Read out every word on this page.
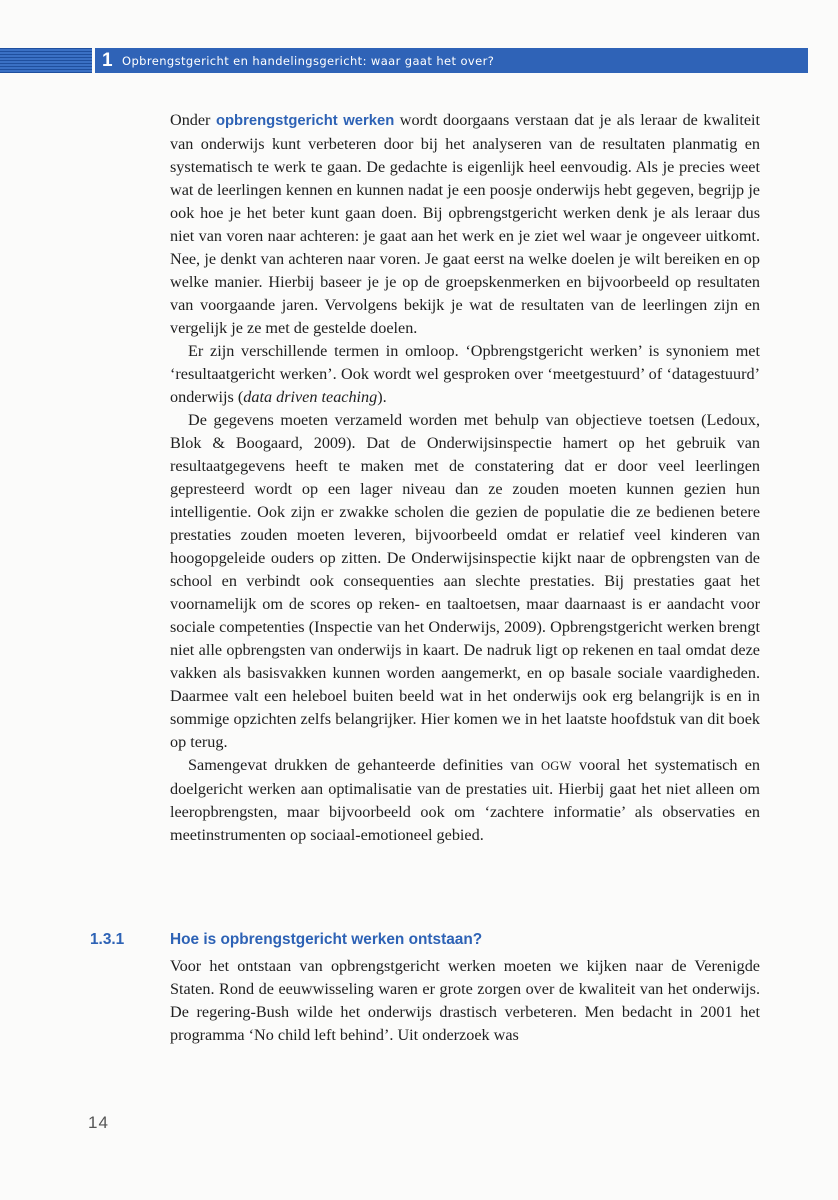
1 Opbrengstgericht en handelingsgericht: waar gaat het over?

Onder opbrengstgericht werken wordt doorgaans verstaan dat je als leraar de kwaliteit van onderwijs kunt verbeteren door bij het analyseren van de resultaten planmatig en systematisch te werk te gaan. De gedachte is eigenlijk heel eenvoudig. Als je precies weet wat de leerlingen kennen en kunnen nadat je een poosje onderwijs hebt gegeven, begrijp je ook hoe je het beter kunt gaan doen. Bij opbrengstgericht werken denk je als leraar dus niet van voren naar achteren: je gaat aan het werk en je ziet wel waar je ongeveer uitkomt. Nee, je denkt van achteren naar voren. Je gaat eerst na welke doelen je wilt bereiken en op welke manier. Hierbij baseer je je op de groepskenmerken en bijvoorbeeld op resultaten van voorgaande jaren. Vervolgens bekijk je wat de resultaten van de leerlingen zijn en vergelijk je ze met de gestelde doelen.

Er zijn verschillende termen in omloop. ‘Opbrengstgericht werken’ is synoniem met ‘resultaatgericht werken’. Ook wordt wel gesproken over ‘meetgestuurd’ of ‘datagestuurd’ onderwijs (data driven teaching).

De gegevens moeten verzameld worden met behulp van objectieve toetsen (Ledoux, Blok & Boogaard, 2009). Dat de Onderwijsinspectie hamert op het gebruik van resultaatgegevens heeft te maken met de constatering dat er door veel leerlingen gepresteerd wordt op een lager niveau dan ze zouden moeten kunnen gezien hun intelligentie. Ook zijn er zwakke scholen die gezien de populatie die ze bedienen betere prestaties zouden moeten leveren, bijvoorbeeld omdat er relatief veel kinderen van hoogopgeleide ouders op zitten. De Onderwijsinspectie kijkt naar de opbrengsten van de school en verbindt ook consequenties aan slechte prestaties. Bij prestaties gaat het voornamelijk om de scores op reken- en taaltoetsen, maar daarnaast is er aandacht voor sociale competenties (Inspectie van het Onderwijs, 2009). Opbrengstgericht werken brengt niet alle opbrengsten van onderwijs in kaart. De nadruk ligt op rekenen en taal omdat deze vakken als basisvakken kunnen worden aangemerkt, en op basale sociale vaardigheden. Daarmee valt een heleboel buiten beeld wat in het onderwijs ook erg belangrijk is en in sommige opzichten zelfs belangrijker. Hier komen we in het laatste hoofdstuk van dit boek op terug.

Samengevat drukken de gehanteerde definities van OGW vooral het systematisch en doelgericht werken aan optimalisatie van de prestaties uit. Hierbij gaat het niet alleen om leeropbrengsten, maar bijvoorbeeld ook om ‘zachtere informatie’ als observaties en meetinstrumenten op sociaal-emotioneel gebied.

1.3.1	Hoe is opbrengstgericht werken ontstaan?

Voor het ontstaan van opbrengstgericht werken moeten we kijken naar de Verenigde Staten. Rond de eeuwwisseling waren er grote zorgen over de kwaliteit van het onderwijs. De regering-Bush wilde het onderwijs drastisch verbeteren. Men bedacht in 2001 het programma ‘No child left behind’. Uit onderzoek was

14
